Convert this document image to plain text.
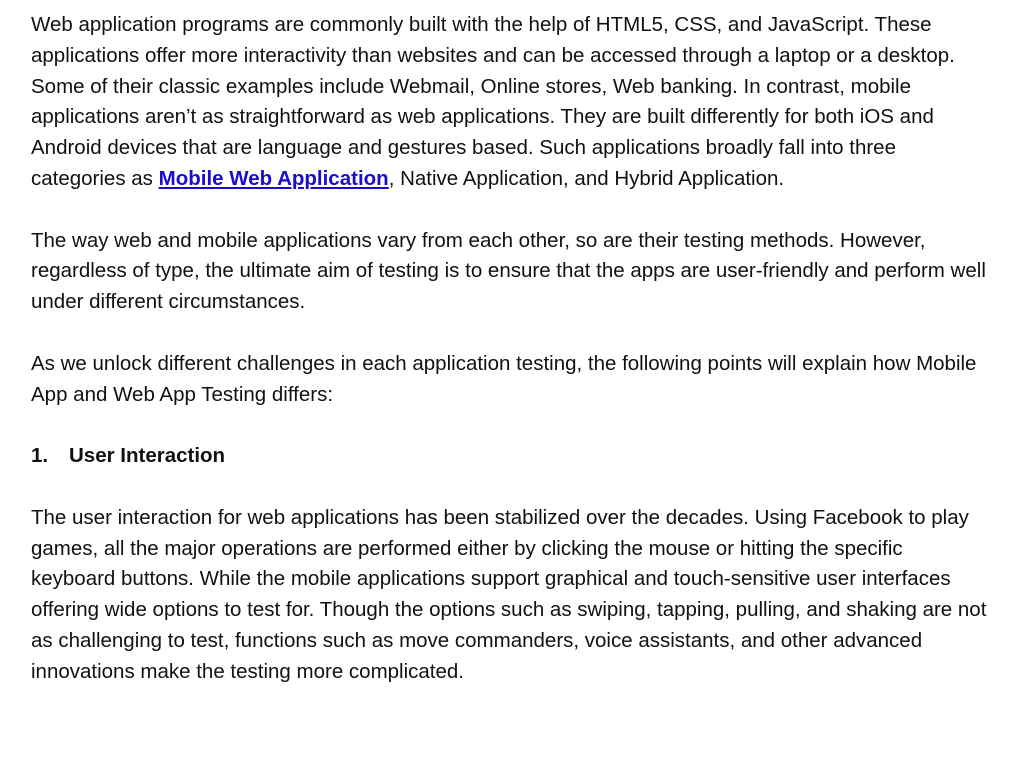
Web application programs are commonly built with the help of HTML5, CSS, and JavaScript. These applications offer more interactivity than websites and can be accessed through a laptop or a desktop. Some of their classic examples include Webmail, Online stores, Web banking. In contrast, mobile applications aren’t as straightforward as web applications. They are built differently for both iOS and Android devices that are language and gestures based. Such applications broadly fall into three categories as Mobile Web Application, Native Application, and Hybrid Application.

The way web and mobile applications vary from each other, so are their testing methods. However, regardless of type, the ultimate aim of testing is to ensure that the apps are user-friendly and perform well under different circumstances.

As we unlock different challenges in each application testing, the following points will explain how Mobile App and Web App Testing differs:

1.	User Interaction

The user interaction for web applications has been stabilized over the decades. Using Facebook to play games, all the major operations are performed either by clicking the mouse or hitting the specific keyboard buttons. While the mobile applications support graphical and touch-sensitive user interfaces offering wide options to test for. Though the options such as swiping, tapping, pulling, and shaking are not as challenging to test, functions such as move commanders, voice assistants, and other advanced innovations make the testing more complicated.
